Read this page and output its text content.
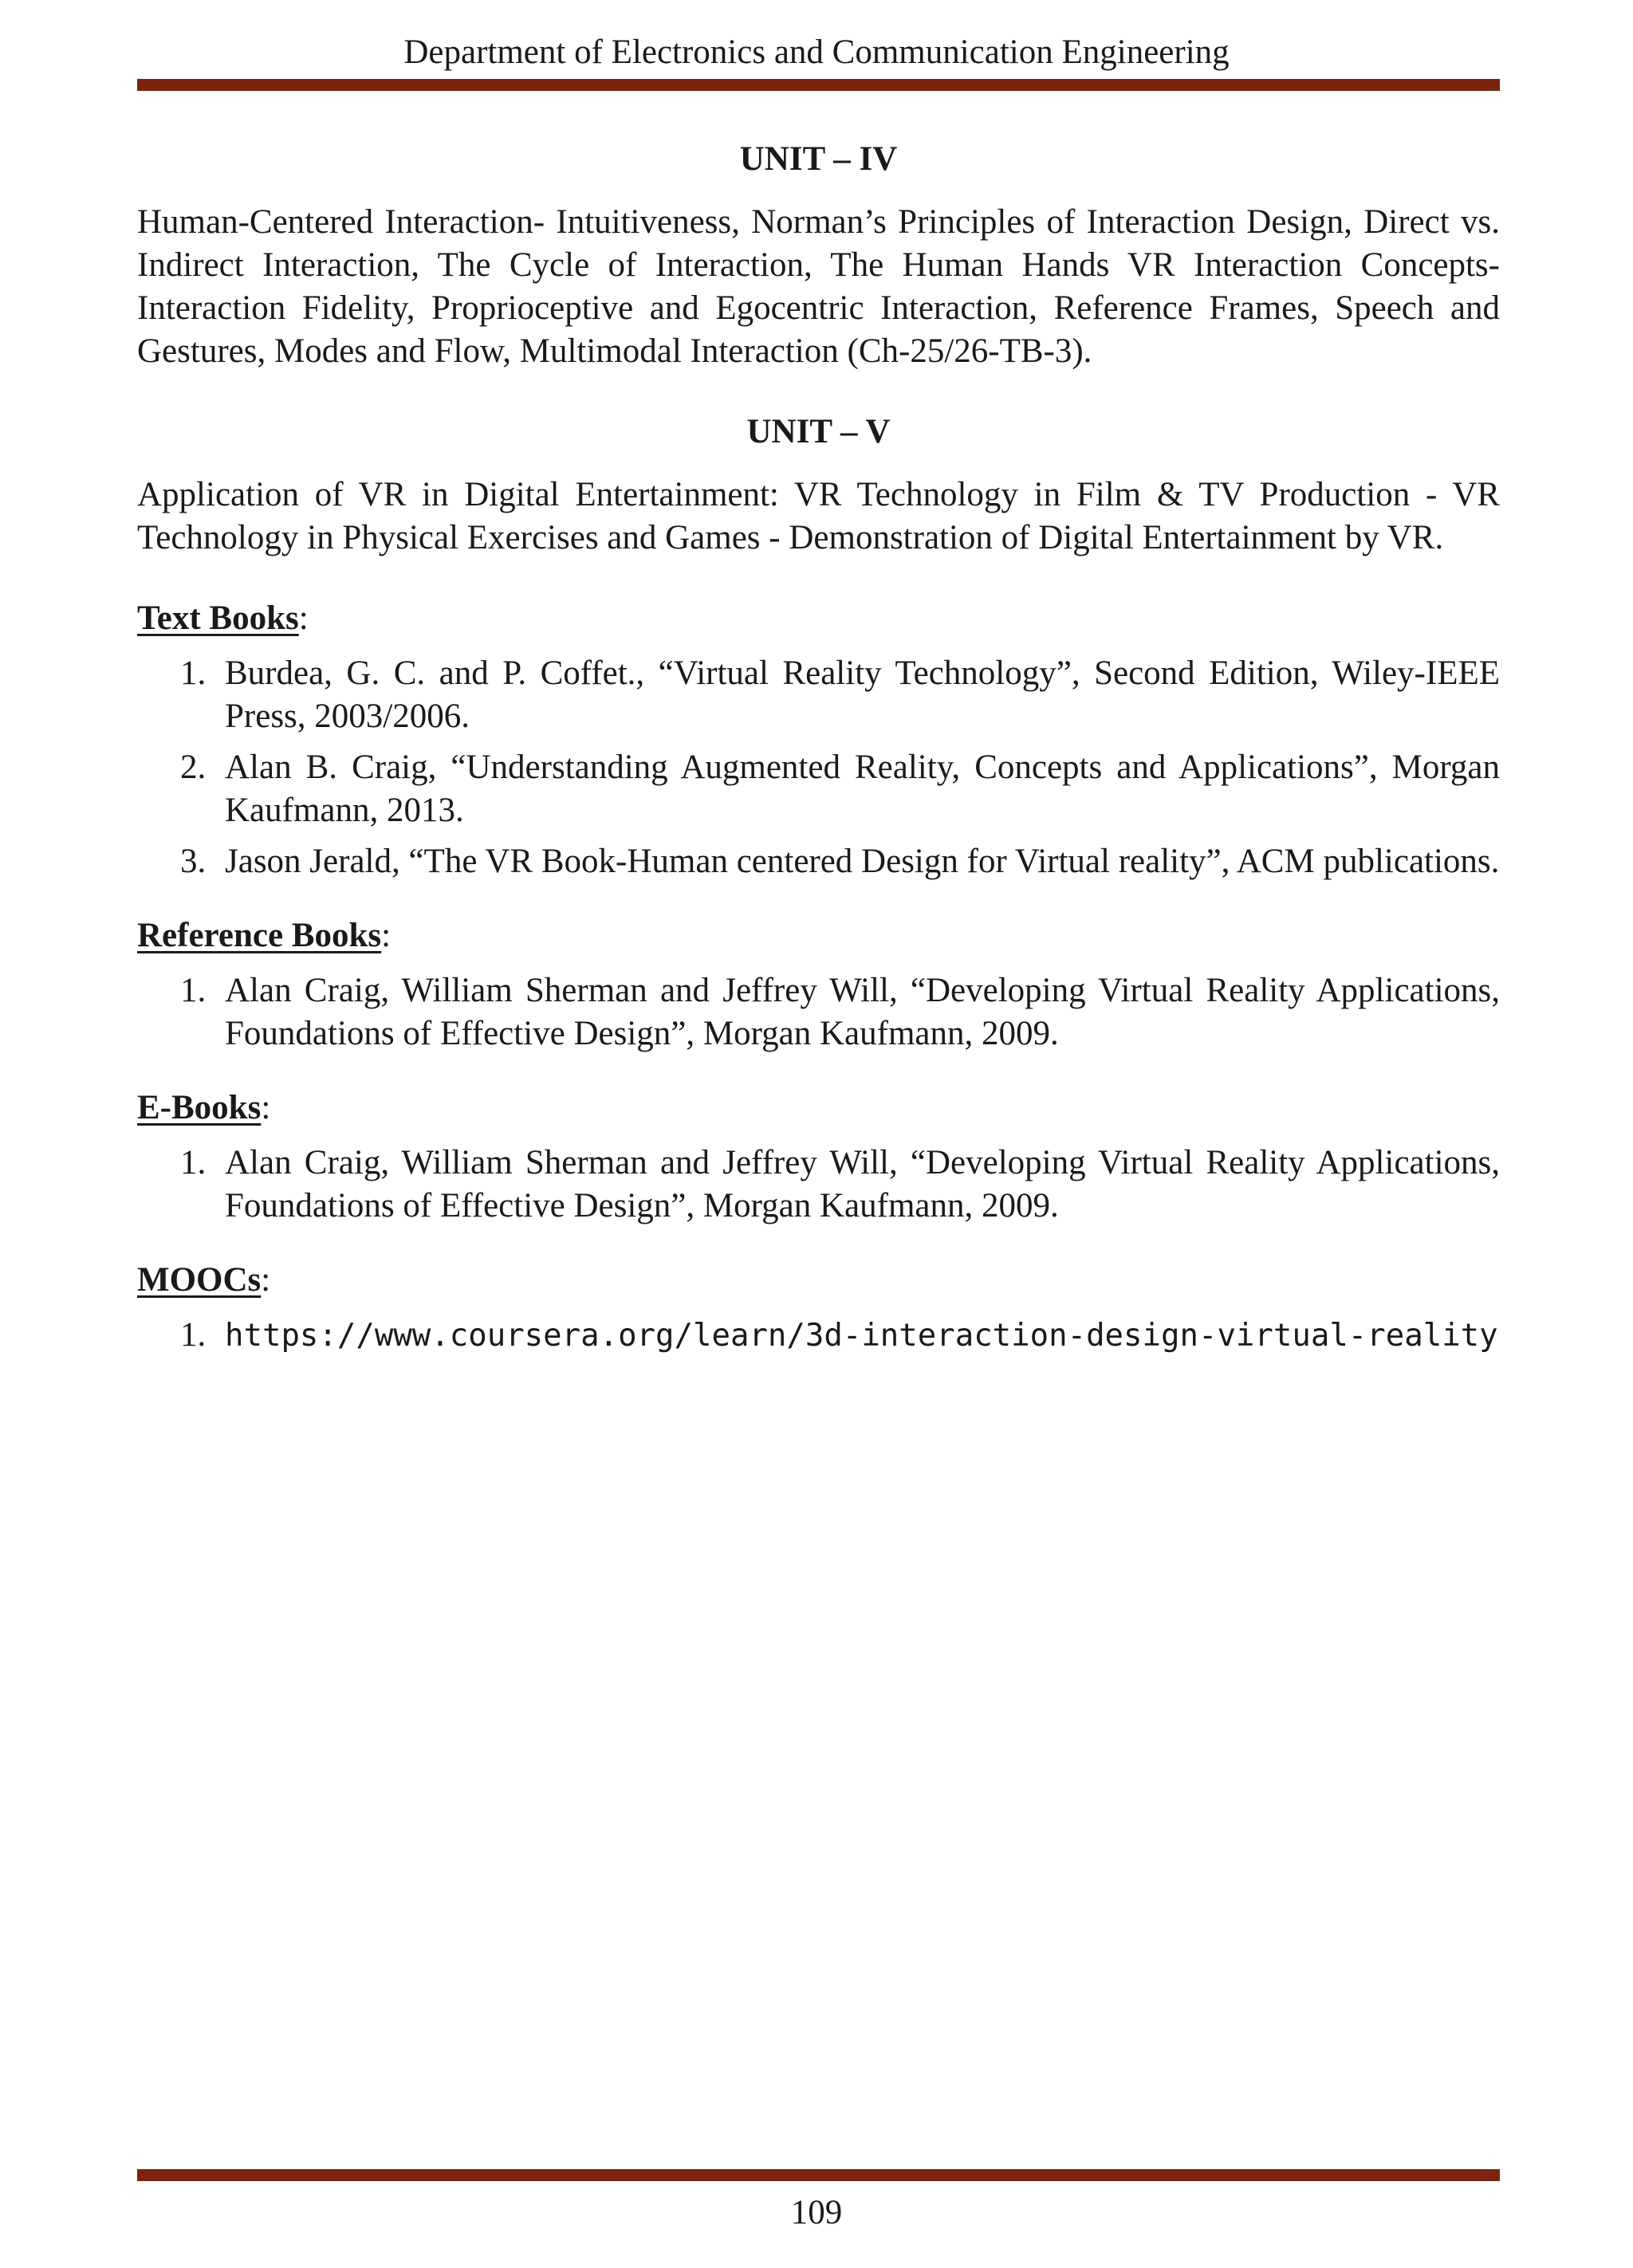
Department of Electronics and Communication Engineering
UNIT – IV

Human-Centered Interaction- Intuitiveness, Norman’s Principles of Interaction Design, Direct vs. Indirect Interaction, The Cycle of Interaction, The Human Hands VR Interaction Concepts- Interaction Fidelity, Proprioceptive and Egocentric Interaction, Reference Frames, Speech and Gestures, Modes and Flow, Multimodal Interaction (Ch-25/26-TB-3).

UNIT – V

Application of VR in Digital Entertainment: VR Technology in Film & TV Production - VR Technology in Physical Exercises and Games - Demonstration of Digital Entertainment by VR.

Text Books:
1. Burdea, G. C. and P. Coffet., “Virtual Reality Technology”, Second Edition, Wiley-IEEE Press, 2003/2006.
2. Alan B. Craig, “Understanding Augmented Reality, Concepts and Applications”, Morgan Kaufmann, 2013.
3. Jason Jerald, “The VR Book-Human centered Design for Virtual reality”, ACM publications.
Reference Books:
1. Alan Craig, William Sherman and Jeffrey Will, “Developing Virtual Reality Applications, Foundations of Effective Design”, Morgan Kaufmann, 2009.
E-Books:
1. Alan Craig, William Sherman and Jeffrey Will, “Developing Virtual Reality Applications, Foundations of Effective Design”, Morgan Kaufmann, 2009.
MOOCs:
1. https://www.coursera.org/learn/3d-interaction-design-virtual-reality
109
